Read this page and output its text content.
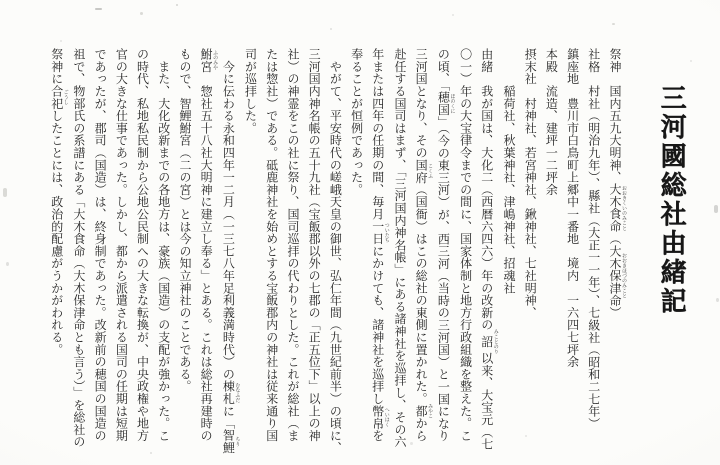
三河國総社由緒記
祭神　国内五九大明神、大木食命 おおきくいのみこと（大木保津命 おおきほづのみこと）
社格　村社（明治九年）、縣社（大正一一年）、七級社（昭和二七年）
鎮座地　豊川市白鳥町上郷中一番地　境内　一六四七坪余
本殿　流造、建坪一二坪余
摂末社　村神社、若宮神社、鍬神社、七社明神、
　　　稲荷社、秋葉神社、津嶋神社、招魂社
由緒　我が国は、大化二（西暦六四六）年の改新の詔 みことのり以来、大宝元（七
〇一）年の大宝律令までの間に、国家体制と地方行政組織を整えた。こ
の頃、「穂国 ほのくに」（今の東三河）が、西三河（当時の三河国）と一国になり
三河国となり、その国府 こくふ（国衙）はこの総社の東側に置かれた。都 みやこから
赴任する国司はまず、「三河国内神名帳」にある諸神社を巡拝し、その六
年または四年の任期の間、毎月一日 ついたちにかけても、諸神社を巡拝し幣帛 へいはくを
奉ることが恒例であった。
　やがて、平安時代の嵯峨天皇の御世、弘仁年間（九世紀前半）の頃に、
三河国内神名帳の五十九社（宝飯郡以外の七郡の「正五位下」以上の神
社）の神霊をこの社に祭り、国司巡拝の代わりとした。これが総社（ま
たは惣社）である。砥鹿神社を始めとする宝飯郡内の神社は従来通り国
司が巡拝した。
　今に伝わる永和四年一二月（一三七八年足利義満時代）の棟札 むなふだに「智鯉 ちり
鮒宮 ふのみや　惣社五十八社大明神に建立し奉る」とある。これは総社再建時の
もので、智鯉鮒宮（二の宮）とは今の知立神社のことである。
　また、大化改新までの各地方は、豪族（国造）の支配が強かった。こ
の時代、私地私民制から公地公民制への大きな転換が、中央政権や地方
官の大きな仕事であった。しかし、都から派遣される国司の任期は短期
であったが、郡司（国造）は、終身制であった。改新前の穂国の国造の
祖で、物部氏の系譜にある「大木食命（大木保津命とも言う）」を総社の
祭神に合祀 ごうししたことには、政治的配慮がうかがわれる。
